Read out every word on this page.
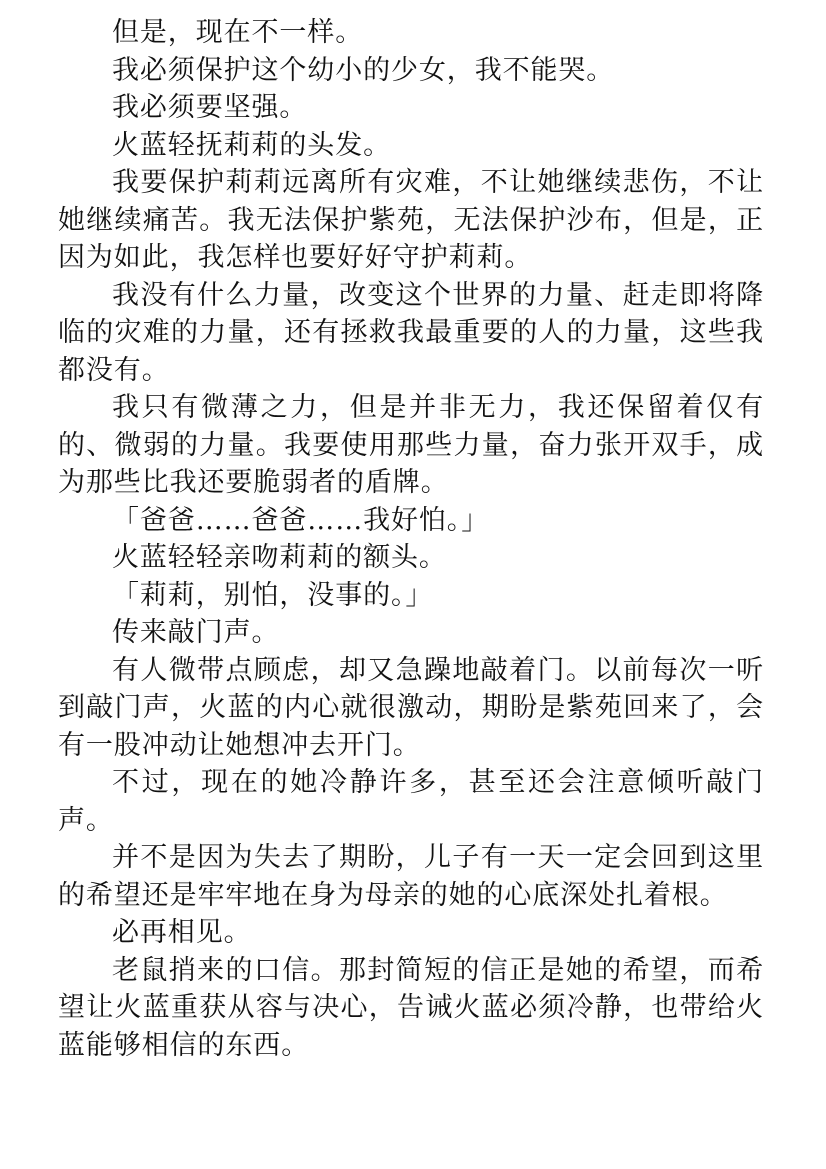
但是，现在不一样。

我必须保护这个幼小的少女，我不能哭。

我必须要坚强。

火蓝轻抚莉莉的头发。

我要保护莉莉远离所有灾难，不让她继续悲伤，不让她继续痛苦。我无法保护紫苑，无法保护沙布，但是，正因为如此，我怎样也要好好守护莉莉。

我没有什么力量，改变这个世界的力量、赶走即将降临的灾难的力量，还有拯救我最重要的人的力量，这些我都没有。

我只有微薄之力，但是并非无力，我还保留着仅有的、微弱的力量。我要使用那些力量，奋力张开双手，成为那些比我还要脆弱者的盾牌。

「爸爸……爸爸……我好怕。」

火蓝轻轻亲吻莉莉的额头。

「莉莉，别怕，没事的。」

传来敲门声。

有人微带点顾虑，却又急躁地敲着门。以前每次一听到敲门声，火蓝的内心就很激动，期盼是紫苑回来了，会有一股冲动让她想冲去开门。

不过，现在的她冷静许多，甚至还会注意倾听敲门声。

并不是因为失去了期盼，儿子有一天一定会回到这里的希望还是牢牢地在身为母亲的她的心底深处扎着根。

必再相见。

老鼠捎来的口信。那封简短的信正是她的希望，而希望让火蓝重获从容与决心，告诫火蓝必须冷静，也带给火蓝能够相信的东西。
